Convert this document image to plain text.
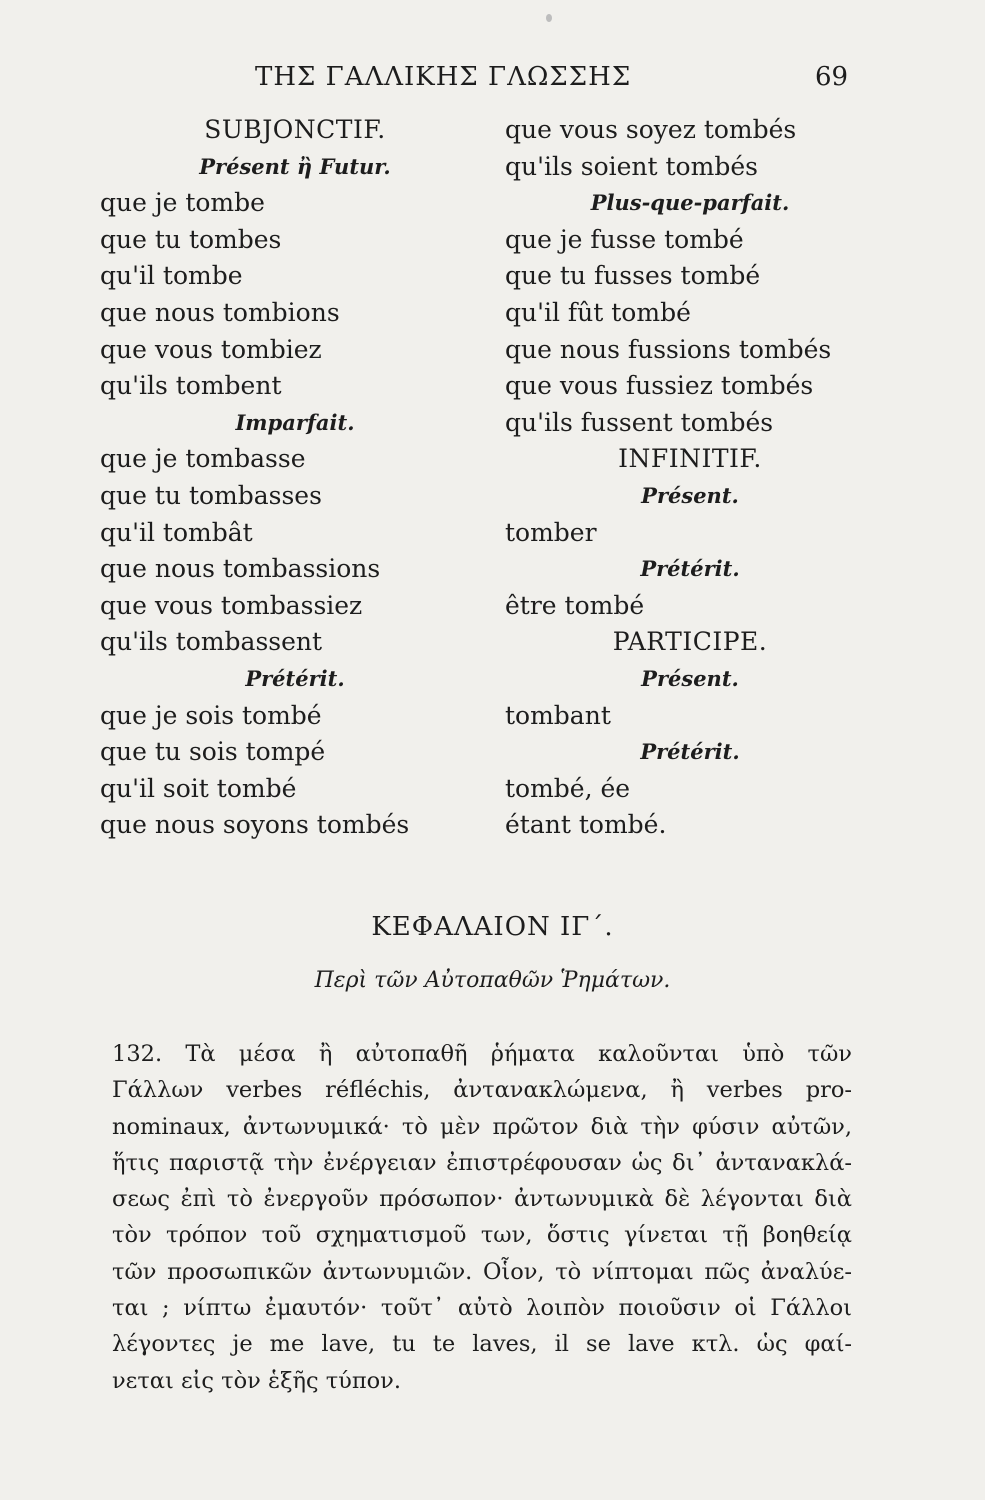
ΤΗΣ ΓΑΛΛΙΚΗΣ ΓΛΩΣΣΗΣ	69
SUBJONCTIF.
Présent ἢ Futur.
que je tombe
que tu tombes
qu'il tombe
que nous tombions
que vous tombiez
qu'ils tombent
Imparfait.
que je tombasse
que tu tombasses
qu'il tombât
que nous tombassions
que vous tombassiez
qu'ils tombassent
Prétérit.
que je sois tombé
que tu sois tompé
qu'il soit tombé
que nous soyons tombés
que vous soyez tombés
qu'ils soient tombés
Plus-que-parfait.
que je fusse tombé
que tu fusses tombé
qu'il fût tombé
que nous fussions tombés
que vous fussiez tombés
qu'ils fussent tombés
INFINITIF.
Présent.
tomber
Prétérit.
être tombé
PARTICIPE.
Présent.
tombant
Prétérit.
tombé, ée
étant tombé.
ΚΕΦΑΛΑΙΟΝ ΙΓ΄.
Περὶ τῶν Αὐτοπαθῶν Ῥημάτων.
132. Τὰ μέσα ἢ αὐτοπαθῆ ῥήματα καλοῦνται ὑπὸ τῶν
Γάλλων verbes réfléchis, ἀντανακλώμενα, ἢ verbes pro-
nominaux, ἀντωνυμικά· τὸ μὲν πρῶτον διὰ τὴν φύσιν αὐτῶν,
ἥτις παριστᾷ τὴν ἐνέργειαν ἐπιστρέφουσαν ὡς δι᾽ ἀντανακλά-
σεως ἐπὶ τὸ ἐνεργοῦν πρόσωπον· ἀντωνυμικὰ δὲ λέγονται διὰ
τὸν τρόπον τοῦ σχηματισμοῦ των, ὅστις γίνεται τῇ βοηθείᾳ
τῶν προσωπικῶν ἀντωνυμιῶν. Οἷον, τὸ νίπτομαι πῶς ἀναλύε-
ται ; νίπτω ἐμαυτόν· τοῦτ᾽ αὐτὸ λοιπὸν ποιοῦσιν οἱ Γάλλοι
λέγοντες je me lave, tu te laves, il se lave κτλ. ὡς φαί-
νεται εἰς τὸν ἑξῆς τύπον.
